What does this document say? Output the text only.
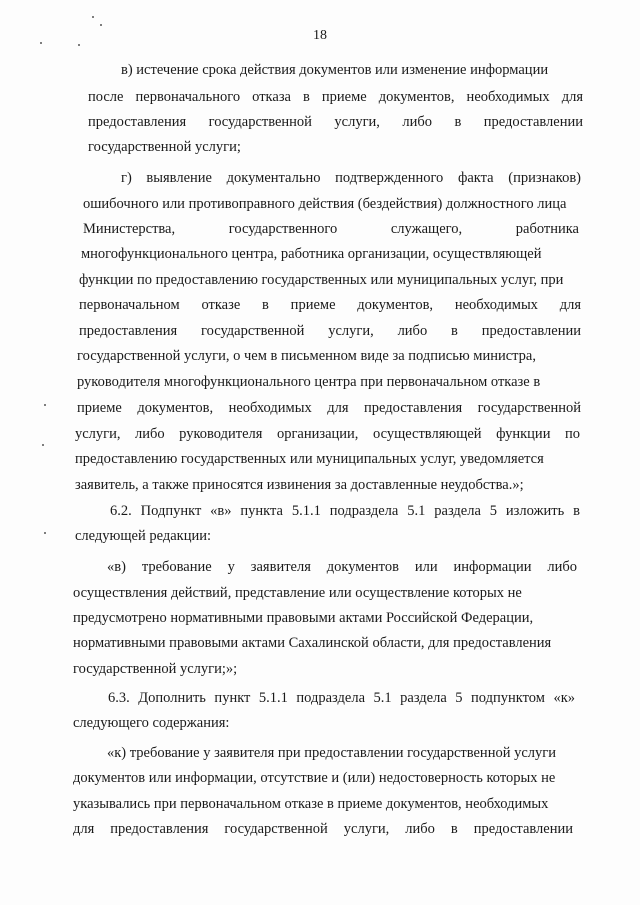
18
в) истечение срока действия документов или изменение информации
после первоначального отказа в приеме документов, необходимых для
предоставления государственной услуги, либо в предоставлении
государственной услуги;
г) выявление документально подтвержденного факта (признаков)
ошибочного или противоправного действия (бездействия) должностного лица
Министерства, государственного служащего, работника
многофункционального центра, работника организации, осуществляющей
функции по предоставлению государственных или муниципальных услуг, при
первоначальном отказе в приеме документов, необходимых для
предоставления государственной услуги, либо в предоставлении
государственной услуги, о чем в письменном виде за подписью министра,
руководителя многофункционального центра при первоначальном отказе в
приеме документов, необходимых для предоставления государственной
услуги, либо руководителя организации, осуществляющей функции по
предоставлению государственных или муниципальных услуг, уведомляется
заявитель, а также приносятся извинения за доставленные неудобства.»;
6.2. Подпункт «в» пункта 5.1.1 подраздела 5.1 раздела 5 изложить в
следующей редакции:
«в) требование у заявителя документов или информации либо
осуществления действий, представление или осуществление которых не
предусмотрено нормативными правовыми актами Российской Федерации,
нормативными правовыми актами Сахалинской области, для предоставления
государственной услуги;»;
6.3. Дополнить пункт 5.1.1 подраздела 5.1 раздела 5 подпунктом «к»
следующего содержания:
«к) требование у заявителя при предоставлении государственной услуги
документов или информации, отсутствие и (или) недостоверность которых не
указывались при первоначальном отказе в приеме документов, необходимых
для предоставления государственной услуги, либо в предоставлении
